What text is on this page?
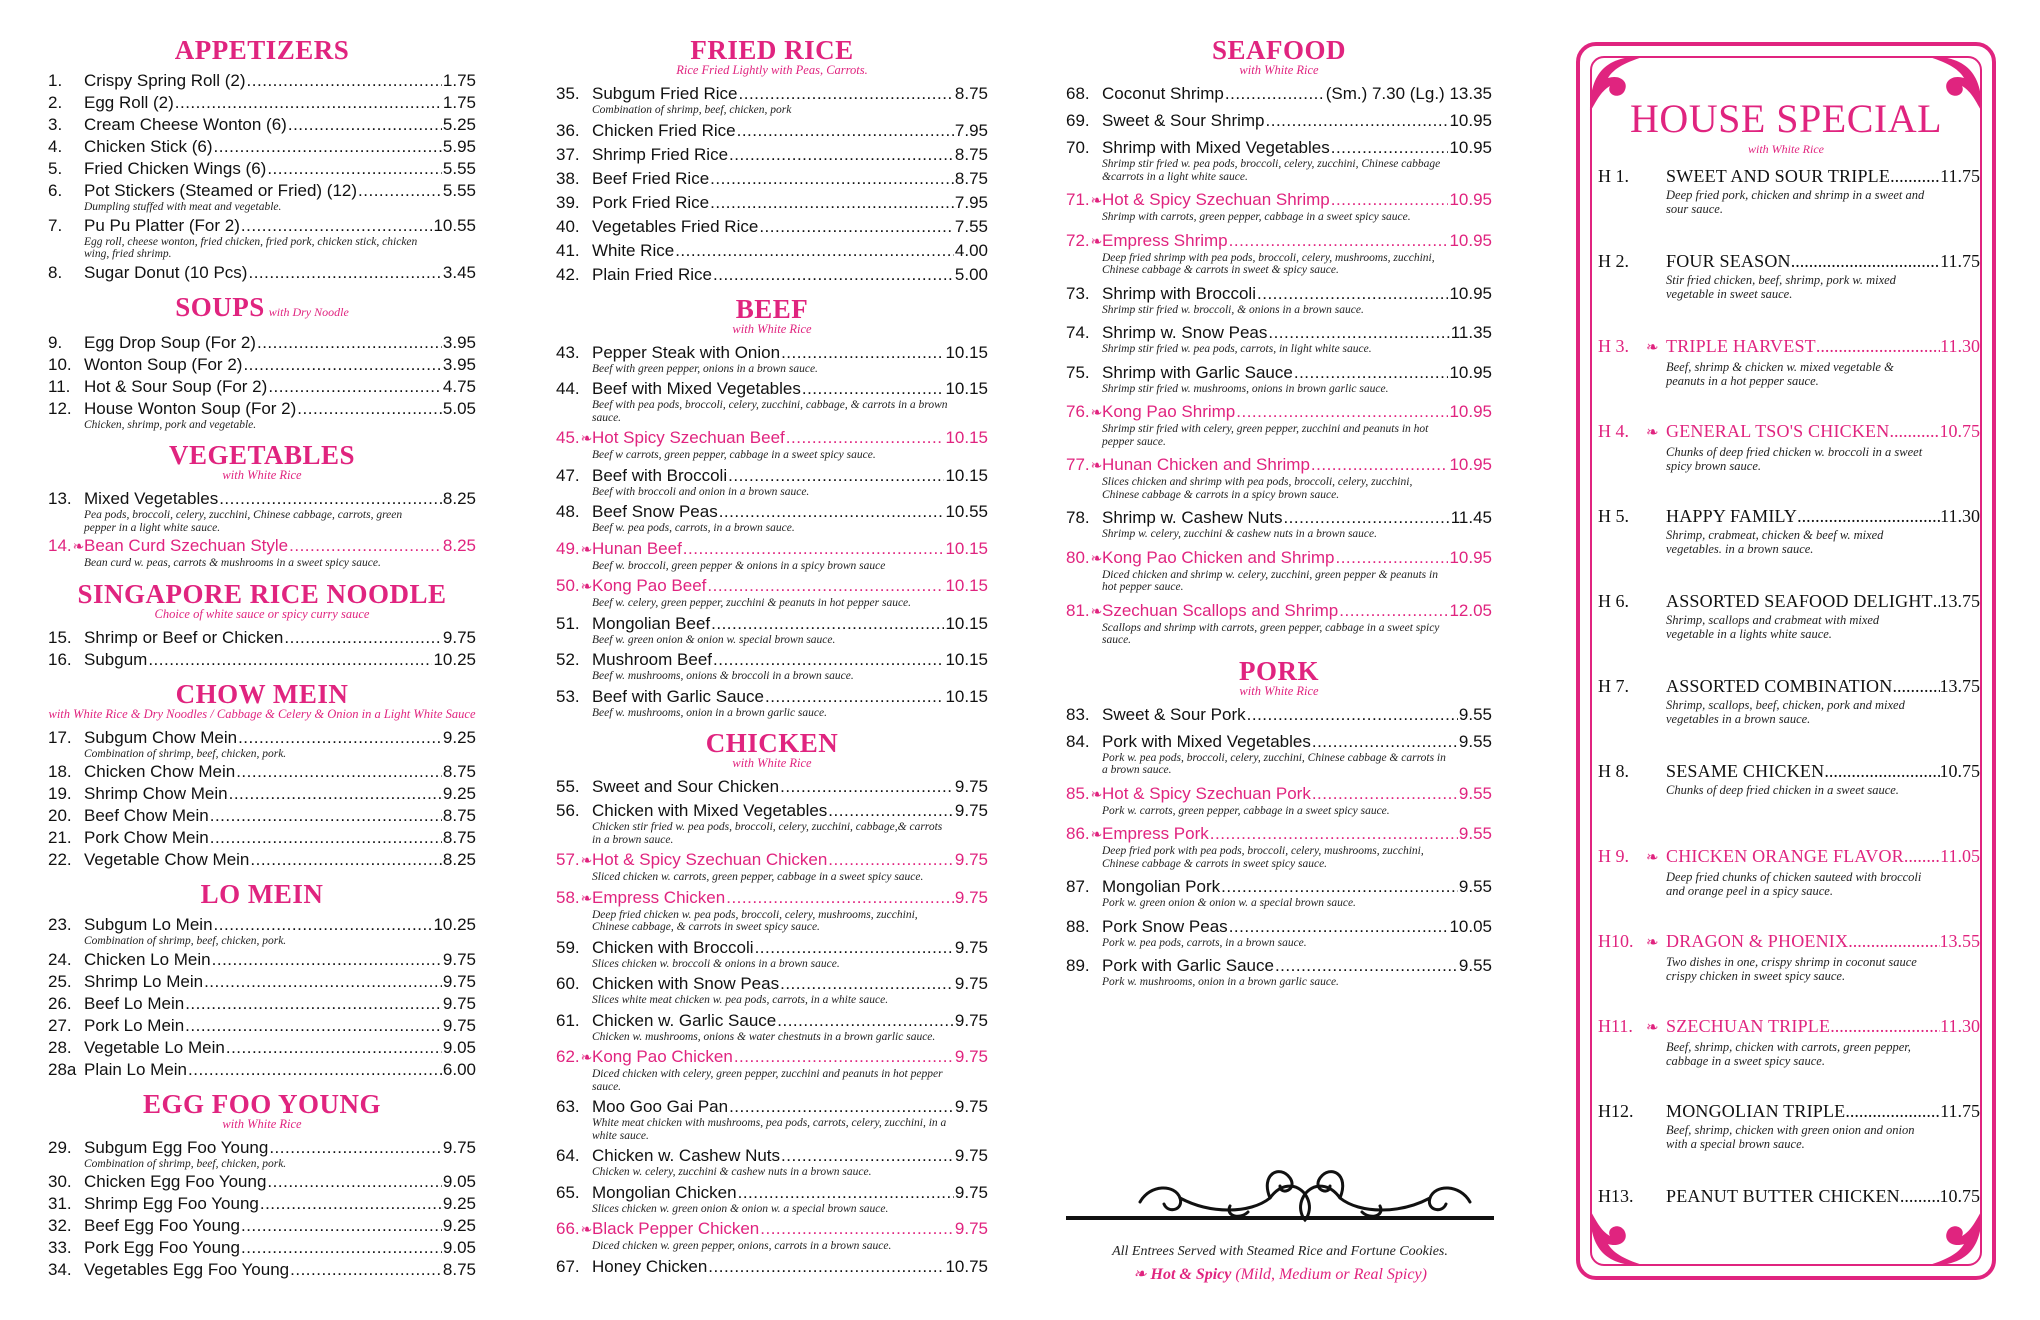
APPETIZERS
1.	Crispy Spring Roll (2) .....	1.75
2.	Egg Roll (2) .....	1.75
3.	Cream Cheese Wonton (6) .....	5.25
4.	Chicken Stick (6) .....	5.95
5.	Fried Chicken Wings (6) .....	5.55
6.	Pot Stickers (Steamed or Fried) (12) .....	5.55
Dumpling stuffed with meat and vegetable.
7.	Pu Pu Platter (For 2) .....	10.55
Egg roll, cheese wonton, fried chicken, fried pork, chicken stick, chicken wing, fried shrimp.
8.	Sugar Donut (10 Pcs) .....	3.45
SOUPS with Dry Noodle
9.	Egg Drop Soup (For 2) .....	3.95
10. Wonton Soup (For 2) .....	3.95
11. Hot & Sour Soup (For 2) .....	4.75
12. House Wonton Soup (For 2) .....	5.05
Chicken, shrimp, pork and vegetable.
VEGETABLES
with White Rice
13. Mixed Vegetables .....	8.25
Pea pods, broccoli, celery, zucchini, Chinese cabbage, carrots, green pepper in a light white sauce.
14.❧ Bean Curd Szechuan Style .....	8.25
Bean curd w. peas, carrots & mushrooms in a sweet spicy sauce.
SINGAPORE RICE NOODLE
Choice of white sauce or spicy curry sauce
15. Shrimp or Beef or Chicken .....	9.75
16. Subgum .....	10.25
CHOW MEIN
with White Rice & Dry Noodles / Cabbage & Celery & Onion in a Light White Sauce
17. Subgum Chow Mein .....	9.25
Combination of shrimp, beef, chicken, pork.
18. Chicken Chow Mein .....	8.75
19. Shrimp Chow Mein .....	9.25
20. Beef Chow Mein .....	8.75
21. Pork Chow Mein .....	8.75
22. Vegetable Chow Mein .....	8.25
LO MEIN
23. Subgum Lo Mein .....	10.25
Combination of shrimp, beef, chicken, pork.
24. Chicken Lo Mein .....	9.75
25. Shrimp Lo Mein .....	9.75
26. Beef Lo Mein .....	9.75
27. Pork Lo Mein .....	9.75
28. Vegetable Lo Mein .....	9.05
28a Plain Lo Mein .....	6.00
EGG FOO YOUNG
with White Rice
29. Subgum Egg Foo Young .....	9.75
Combination of shrimp, beef, chicken, pork.
30. Chicken Egg Foo Young .....	9.05
31. Shrimp Egg Foo Young .....	9.25
32. Beef Egg Foo Young .....	9.25
33. Pork Egg Foo Young .....	9.05
34. Vegetables Egg Foo Young .....	8.75
FRIED RICE
Rice Fried Lightly with Peas, Carrots.
35. Subgum Fried Rice .....	8.75
Combination of shrimp, beef, chicken, pork
36. Chicken Fried Rice .....	7.95
37. Shrimp Fried Rice .....	8.75
38. Beef Fried Rice .....	8.75
39. Pork Fried Rice .....	7.95
40. Vegetables Fried Rice .....	7.55
41. White Rice .....	4.00
42. Plain Fried Rice .....	5.00
BEEF
with White Rice
43. Pepper Steak with Onion .....	10.15
Beef with green pepper, onions in a brown sauce.
44. Beef with Mixed Vegetables .....	10.15
Beef with pea pods, broccoli, celery, zucchini, cabbage, & carrots in a brown sauce.
45.❧ Hot Spicy Szechuan Beef .....	10.15
Beef w carrots, green pepper, cabbage in a sweet spicy sauce.
47. Beef with Broccoli .....	10.15
Beef with broccoli and onion in a brown sauce.
48. Beef Snow Peas .....	10.55
Beef w. pea pods, carrots, in a brown sauce.
49.❧ Hunan Beef .....	10.15
Beef w. broccoli, green pepper & onions in a spicy brown sauce
50.❧ Kong Pao Beef .....	10.15
Beef w. celery, green pepper, zucchini & peanuts in hot pepper sauce.
51. Mongolian Beef .....	10.15
Beef w. green onion & onion w. special brown sauce.
52. Mushroom Beef .....	10.15
Beef w. mushrooms, onions & broccoli in a brown sauce.
53. Beef with Garlic Sauce .....	10.15
Beef w. mushrooms, onion in a brown garlic sauce.
CHICKEN
with White Rice
55. Sweet and Sour Chicken .....	9.75
56. Chicken with Mixed Vegetables .....	9.75
Chicken stir fried w. pea pods, broccoli, celery, zucchini, cabbage,& carrots in a brown sauce.
57.❧ Hot & Spicy Szechuan Chicken .....	9.75
Sliced chicken w. carrots, green pepper, cabbage in a sweet spicy sauce.
58.❧ Empress Chicken .....	9.75
Deep fried chicken w. pea pods, broccoli, celery, mushrooms, zucchini, Chinese cabbage, & carrots in sweet spicy sauce.
59. Chicken with Broccoli .....	9.75
Slices chicken w. broccoli & onions in a brown sauce.
60. Chicken with Snow Peas .....	9.75
Slices white meat chicken w. pea pods, carrots, in a white sauce.
61. Chicken w. Garlic Sauce .....	9.75
Chicken w. mushrooms, onions & water chestnuts in a brown garlic sauce.
62.❧ Kong Pao Chicken .....	9.75
Diced chicken with celery, green pepper, zucchini and peanuts in hot pepper sauce.
63. Moo Goo Gai Pan .....	9.75
White meat chicken with mushrooms, pea pods, carrots, celery, zucchini, in a white sauce.
64. Chicken w. Cashew Nuts .....	9.75
Chicken w. celery, zucchini & cashew nuts in a brown sauce.
65. Mongolian Chicken .....	9.75
Slices chicken w. green onion & onion w. a special brown sauce.
66.❧ Black Pepper Chicken .....	9.75
Diced chicken w. green pepper, onions, carrots in a brown sauce.
67. Honey Chicken .....	10.75
SEAFOOD
with White Rice
68. Coconut Shrimp .....	(Sm.) 7.30 (Lg.) 13.35
69. Sweet & Sour Shrimp .....	10.95
70. Shrimp with Mixed Vegetables .....	10.95
Shrimp stir fried w. pea pods, broccoli, celery, zucchini, Chinese cabbage &carrots in a light white sauce.
71.❧ Hot & Spicy Szechuan Shrimp .....	10.95
Shrimp with carrots, green pepper, cabbage in a sweet spicy sauce.
72.❧ Empress Shrimp .....	10.95
Deep fried shrimp with pea pods, broccoli, celery, mushrooms, zucchini, Chinese cabbage & carrots in sweet & spicy sauce.
73. Shrimp with Broccoli .....	10.95
Shrimp stir fried w. broccoli, & onions in a brown sauce.
74. Shrimp w. Snow Peas .....	11.35
Shrimp stir fried w. pea pods, carrots, in light white sauce.
75. Shrimp with Garlic Sauce .....	10.95
Shrimp stir fried w. mushrooms, onions in brown garlic sauce.
76.❧ Kong Pao Shrimp .....	10.95
Shrimp stir fried with celery, green pepper, zucchini and peanuts in hot pepper sauce.
77.❧ Hunan Chicken and Shrimp .....	10.95
Slices chicken and shrimp with pea pods, broccoli, celery, zucchini, Chinese cabbage & carrots in a spicy brown sauce.
78. Shrimp w. Cashew Nuts .....	11.45
Shrimp w. celery, zucchini & cashew nuts in a brown sauce.
80.❧ Kong Pao Chicken and Shrimp .....	10.95
Diced chicken and shrimp w. celery, zucchini, green pepper & peanuts in hot pepper sauce.
81.❧ Szechuan Scallops and Shrimp .....	12.05
Scallops and shrimp with carrots, green pepper, cabbage in a sweet spicy sauce.
PORK
with White Rice
83. Sweet & Sour Pork .....	9.55
84. Pork with Mixed Vegetables .....	9.55
Pork w. pea pods, broccoli, celery, zucchini, Chinese cabbage & carrots in a brown sauce.
85.❧ Hot & Spicy Szechuan Pork .....	9.55
Pork w. carrots, green pepper, cabbage in a sweet spicy sauce.
86.❧ Empress Pork .....	9.55
Deep fried pork with pea pods, broccoli, celery, mushrooms, zucchini, Chinese cabbage & carrots in sweet spicy sauce.
87. Mongolian Pork .....	9.55
Pork w. green onion & onion w. a special brown sauce.
88. Pork Snow Peas .....	10.05
Pork w. pea pods, carrots, in a brown sauce.
89. Pork with Garlic Sauce .....	9.55
Pork w. mushrooms, onion in a brown garlic sauce.
All Entrees Served with Steamed Rice and Fortune Cookies.
❧ Hot & Spicy (Mild, Medium or Real Spicy)
HOUSE SPECIAL
with White Rice
H 1.	SWEET AND SOUR TRIPLE .....	11.75
Deep fried pork, chicken and shrimp in a sweet and sour sauce.
H 2.	FOUR SEASON .....	11.75
Stir fried chicken, beef, shrimp, pork w. mixed vegetable in sweet sauce.
H 3.	❧ TRIPLE HARVEST .....	11.30
Beef, shrimp & chicken w. mixed vegetable & peanuts in a hot pepper sauce.
H 4.	❧ GENERAL TSO'S CHICKEN .....	10.75
Chunks of deep fried chicken w. broccoli in a sweet spicy brown sauce.
H 5.	HAPPY FAMILY .....	11.30
Shrimp, crabmeat, chicken & beef w. mixed vegetables. in a brown sauce.
H 6.	ASSORTED SEAFOOD DELIGHT ..... 13.75
Shrimp, scallops and crabmeat with mixed vegetable in a lights white sauce.
H 7.	ASSORTED COMBINATION .....	13.75
Shrimp, scallops, beef, chicken, pork and mixed vegetables in a brown sauce.
H 8.	SESAME CHICKEN .....	10.75
Chunks of deep fried chicken in a sweet sauce.
H 9.	❧ CHICKEN ORANGE FLAVOR ..... 11.05
Deep fried chunks of chicken sauteed with broccoli and orange peel in a spicy sauce.
H10. ❧ DRAGON & PHOENIX .....	13.55
Two dishes in one, crispy shrimp in coconut sauce crispy chicken in sweet spicy sauce.
H11. ❧ SZECHUAN TRIPLE .....	11.30
Beef, shrimp, chicken with carrots, green pepper, cabbage in a sweet spicy sauce.
H12.	MONGOLIAN TRIPLE .....	11.75
Beef, shrimp, chicken with green onion and onion with a special brown sauce.
H13.	PEANUT BUTTER CHICKEN ..... 10.75
